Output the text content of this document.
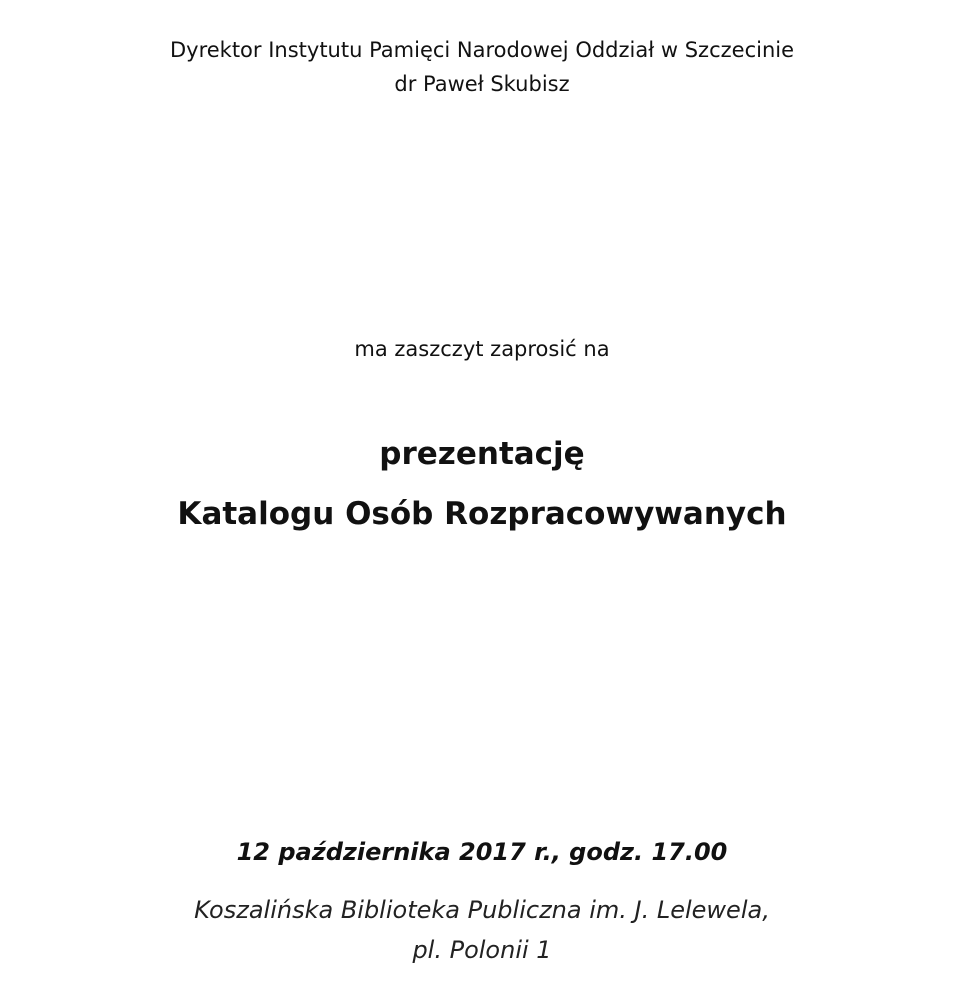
Dyrektor Instytutu Pamięci Narodowej Oddział w Szczecinie
dr Paweł Skubisz
ma zaszczyt zaprosić na
prezentację
Katalogu Osób Rozpracowywanych
12 października 2017 r., godz. 17.00
Koszalińska Biblioteka Publiczna im. J. Lelewela,
pl. Polonii 1
